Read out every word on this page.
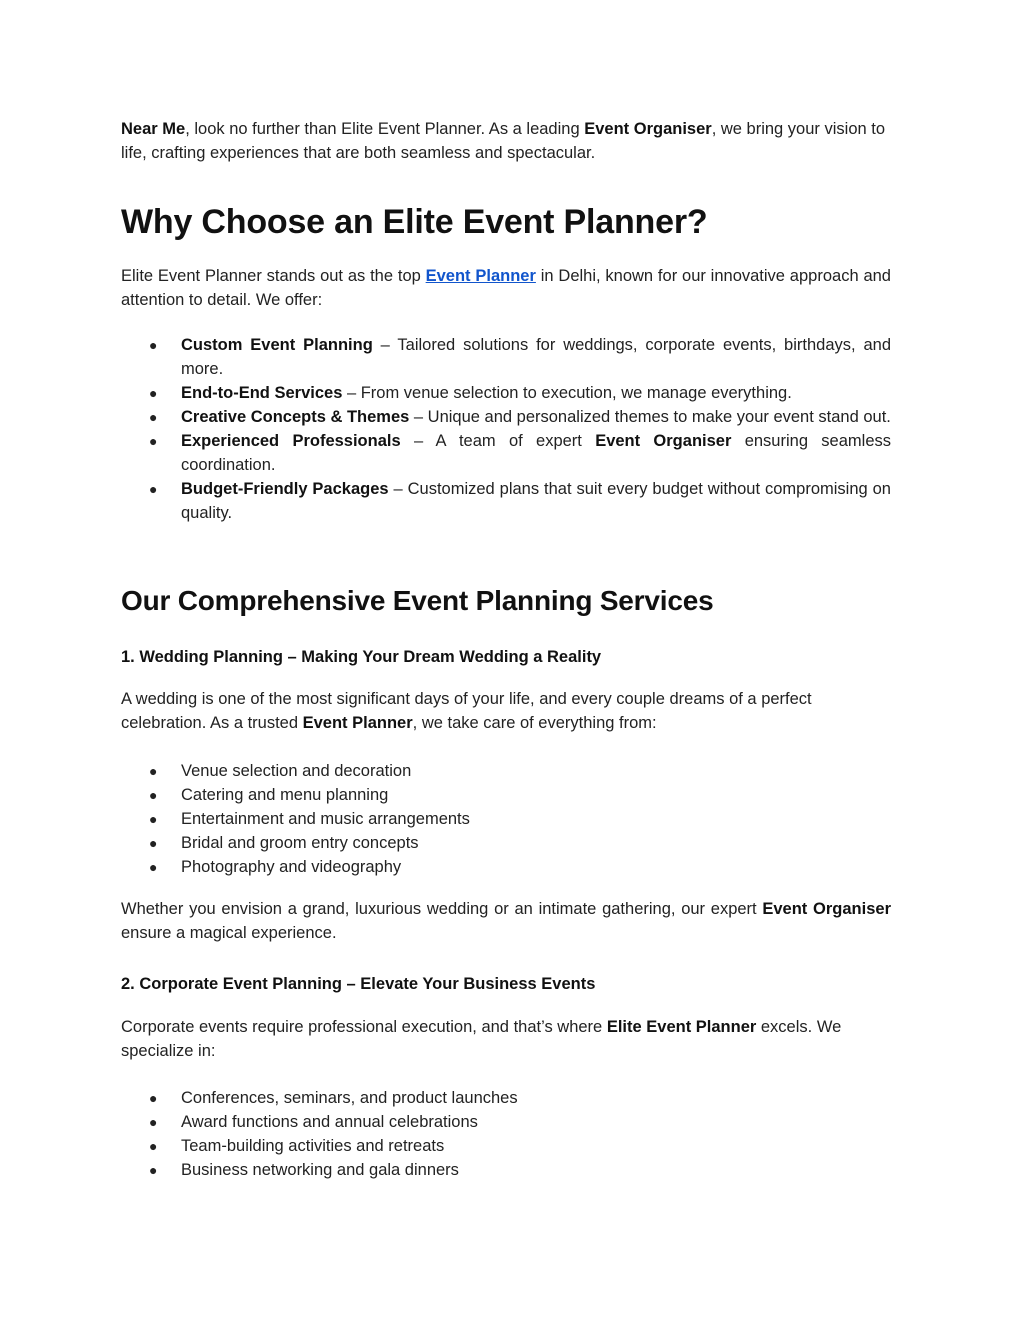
Near Me, look no further than Elite Event Planner. As a leading Event Organiser, we bring your vision to life, crafting experiences that are both seamless and spectacular.

Why Choose an Elite Event Planner?

Elite Event Planner stands out as the top Event Planner in Delhi, known for our innovative approach and attention to detail. We offer:

● Custom Event Planning – Tailored solutions for weddings, corporate events, birthdays, and more.
● End-to-End Services – From venue selection to execution, we manage everything.
● Creative Concepts & Themes – Unique and personalized themes to make your event stand out.
● Experienced Professionals – A team of expert Event Organiser ensuring seamless coordination.
● Budget-Friendly Packages – Customized plans that suit every budget without compromising on quality.
Our Comprehensive Event Planning Services
1. Wedding Planning – Making Your Dream Wedding a Reality

A wedding is one of the most significant days of your life, and every couple dreams of a perfect celebration. As a trusted Event Planner, we take care of everything from:

● Venue selection and decoration
● Catering and menu planning
● Entertainment and music arrangements
● Bridal and groom entry concepts
● Photography and videography

Whether you envision a grand, luxurious wedding or an intimate gathering, our expert Event Organiser ensure a magical experience.

2. Corporate Event Planning – Elevate Your Business Events

Corporate events require professional execution, and that’s where Elite Event Planner excels. We specialize in:

● Conferences, seminars, and product launches
● Award functions and annual celebrations
● Team-building activities and retreats
● Business networking and gala dinners
